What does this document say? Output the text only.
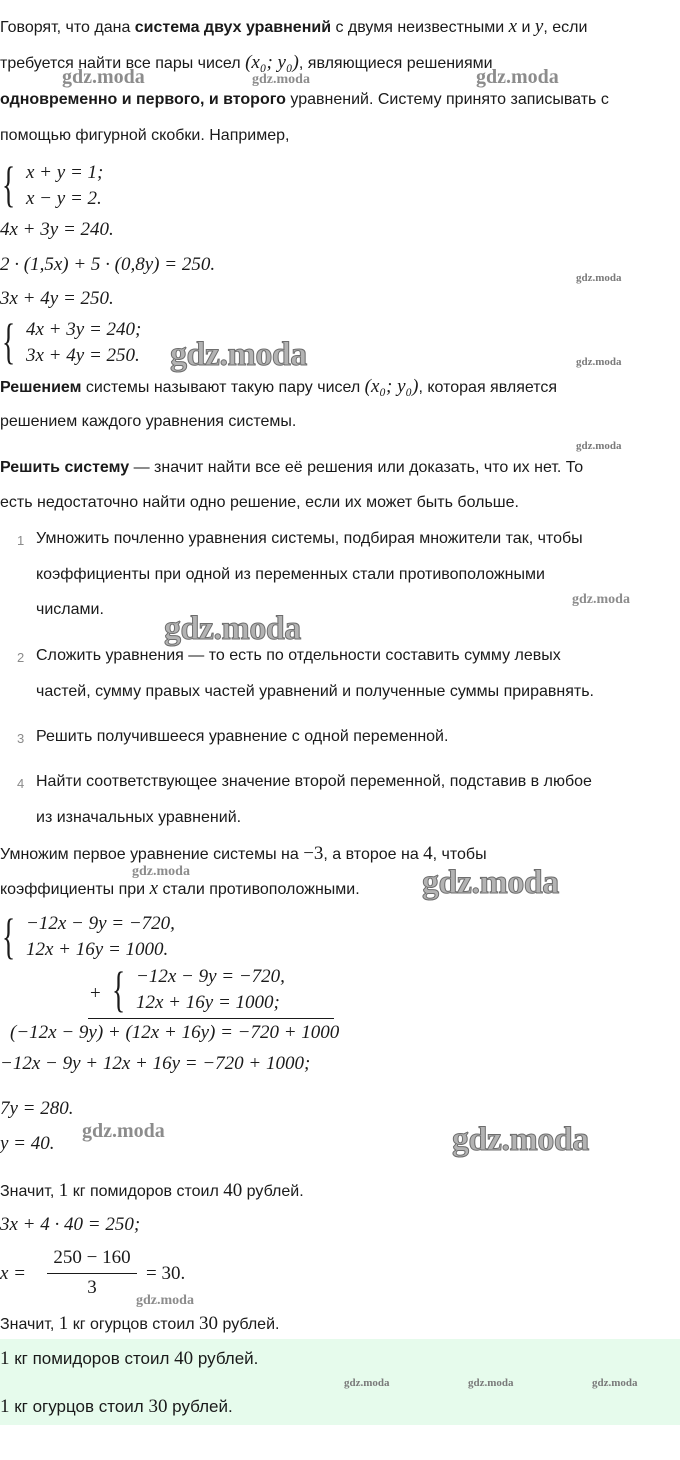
Говорят, что дана система двух уравнений с двумя неизвестными x и y, если
требуется найти все пары чисел (x₀; y₀), являющиеся решениями
одновременно и первого, и второго уравнений. Систему принято записывать с
помощью фигурной скобки. Например,
{ x + y = 1;
x − y = 2.
4x + 3y = 240.
2 · (1,5x) + 5 · (0,8y) = 250.
3x + 4y = 250.
{ 4x + 3y = 240;
3x + 4y = 250.
Решением системы называют такую пару чисел (x₀; y₀), которая является
решением каждого уравнения системы.
Решить систему — значит найти все её решения или доказать, что их нет. То
есть недостаточно найти одно решение, если их может быть больше.
1 Умножить почленно уравнения системы, подбирая множители так, чтобы
коэффициенты при одной из переменных стали противоположными
числами.
2 Сложить уравнения — то есть по отдельности составить сумму левых
частей, сумму правых частей уравнений и полученные суммы приравнять.
3 Решить получившееся уравнение с одной переменной.
4 Найти соответствующее значение второй переменной, подставив в любое
из изначальных уравнений.
Умножим первое уравнение системы на −3, а второе на 4, чтобы
коэффициенты при x стали противоположными.
{ −12x − 9y = −720,
12x + 16y = 1000.
+ { −12x − 9y = −720,
12x + 16y = 1000;
(−12x − 9y) + (12x + 16y) = −720 + 1000
−12x − 9y + 12x + 16y = −720 + 1000;
7y = 280.
y = 40.
Значит, 1 кг помидоров стоил 40 рублей.
3x + 4 · 40 = 250;
x =
250 − 160
3
= 30.
Значит, 1 кг огурцов стоил 30 рублей.
1 кг помидоров стоил 40 рублей.
1 кг огурцов стоил 30 рублей.
gdz.moda	gdz.moda	gdz.moda
gdz.moda
gdz.moda	gdz.moda
gdz.moda
gdz.moda
gdz.moda
gdz.moda	gdz.moda
gdz.moda	gdz.moda
gdz.moda
gdz.moda	gdz.moda	gdz.moda
